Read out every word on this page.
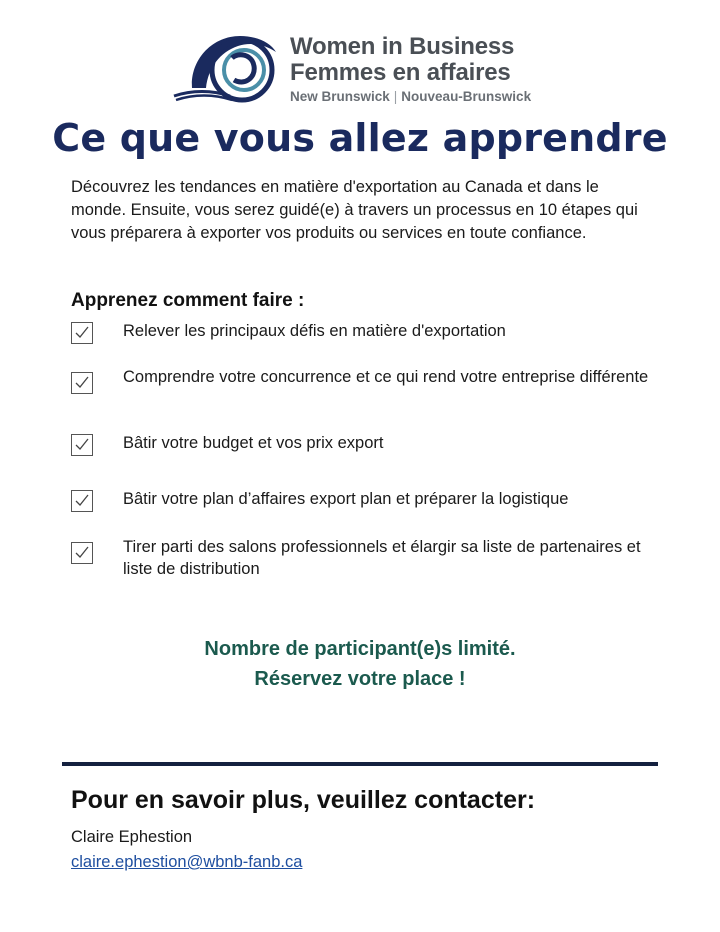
Women in Business
Femmes en affaires
New Brunswick | Nouveau-Brunswick
Ce que vous allez apprendre
Découvrez les tendances en matière d'exportation au Canada et dans le monde. Ensuite, vous serez guidé(e) à travers un processus en 10 étapes qui vous préparera à exporter vos produits ou services en toute confiance.
Apprenez comment faire :
Relever les principaux défis en matière d'exportation
Comprendre votre concurrence et ce qui rend votre entreprise différente
Bâtir votre budget et vos prix export
Bâtir votre plan d’affaires export plan et préparer la logistique
Tirer parti des salons professionnels et élargir sa liste de partenaires et liste de distribution
Nombre de participant(e)s limité.
Réservez votre place !
Pour en savoir plus, veuillez contacter:
Claire Ephestion
claire.ephestion@wbnb-fanb.ca
